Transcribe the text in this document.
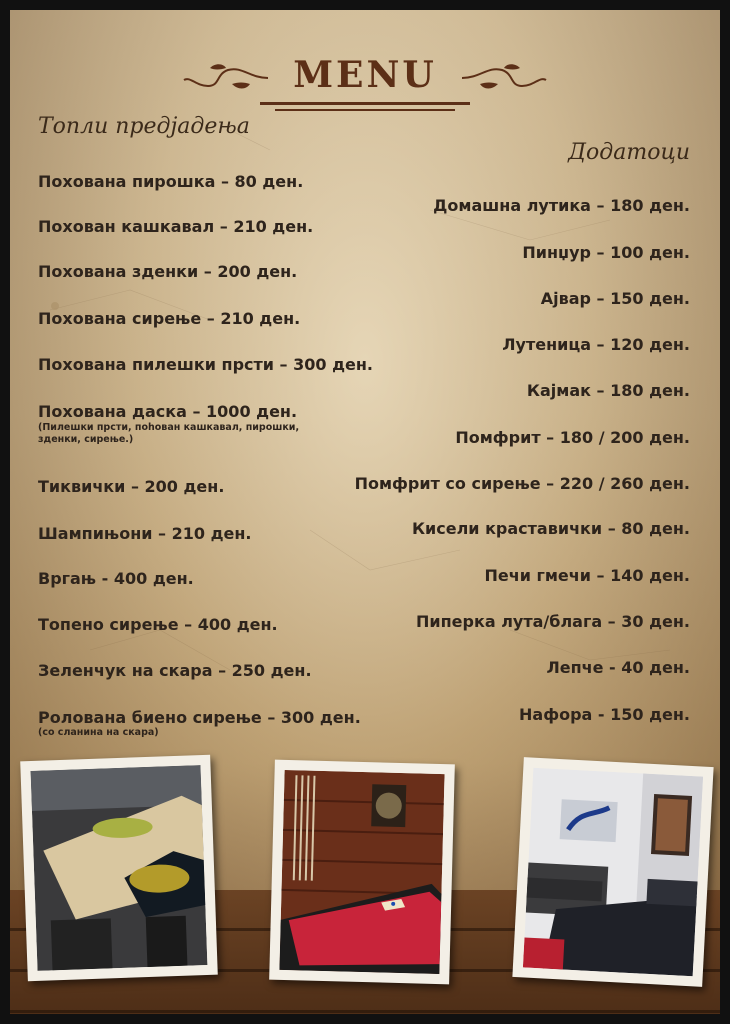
MENU
Топли предјадења
Додатоци
Похована пирошка – 80 ден.
Похован кашкавал – 210 ден.
Похована зденки – 200 ден.
Похована сирење – 210 ден.
Похована пилешки прсти – 300 ден.
Похована даска – 1000 ден.
(Пилешки прсти, пohован кашкавал, пирошки, зденки, сирење.)
Тиквички – 200 ден.
Шампињони – 210 ден.
Вргањ - 400 ден.
Топено сирење – 400 ден.
Зеленчук на скара – 250 ден.
Ролована биено сирење – 300 ден.
(со сланина на скара)
Домашна лутика – 180 ден.
Пинџур – 100 ден.
Ајвар – 150 ден.
Лутеница – 120 ден.
Кајмак – 180 ден.
Помфрит – 180 / 200 ден.
Помфрит со сирење – 220 / 260 ден.
Кисели краставички – 80 ден.
Печи гмечи – 140 ден.
Пиперка лута/блага – 30 ден.
Лепче - 40 ден.
Нафора - 150 ден.
